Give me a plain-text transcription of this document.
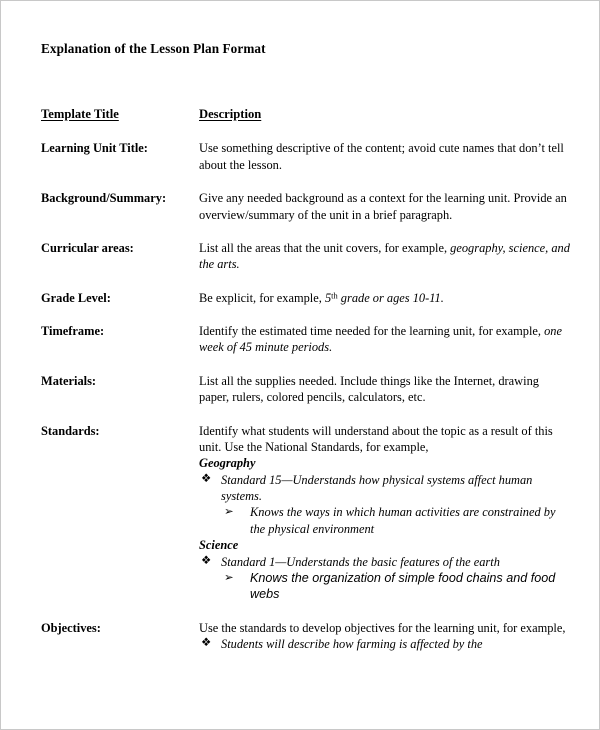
Explanation of the Lesson Plan Format
Template Title	Description

Learning Unit Title:	Use something descriptive of the content; avoid cute names that don’t tell about the lesson.

Background/Summary:	Give any needed background as a context for the learning unit. Provide an overview/summary of the unit in a brief paragraph.

Curricular areas:	List all the areas that the unit covers, for example, geography, science, and the arts.

Grade Level:	Be explicit, for example, 5th grade or ages 10-11.

Timeframe:	Identify the estimated time needed for the learning unit, for example, one week of 45 minute periods.

Materials:	List all the supplies needed. Include things like the Internet, drawing paper, rulers, colored pencils, calculators, etc.

Standards:	Identify what students will understand about the topic as a result of this unit. Use the National Standards, for example,

Geography

❖ Standard 15—Understands how physical systems affect human systems.
➢	Knows the ways in which human activities are constrained by the physical environment

Science

❖ Standard 1—Understands the basic features of the earth
➢	Knows the organization of simple food chains and food webs

Objectives:	Use the standards to develop objectives for the learning unit, for example,

❖ Students will describe how farming is affected by the
